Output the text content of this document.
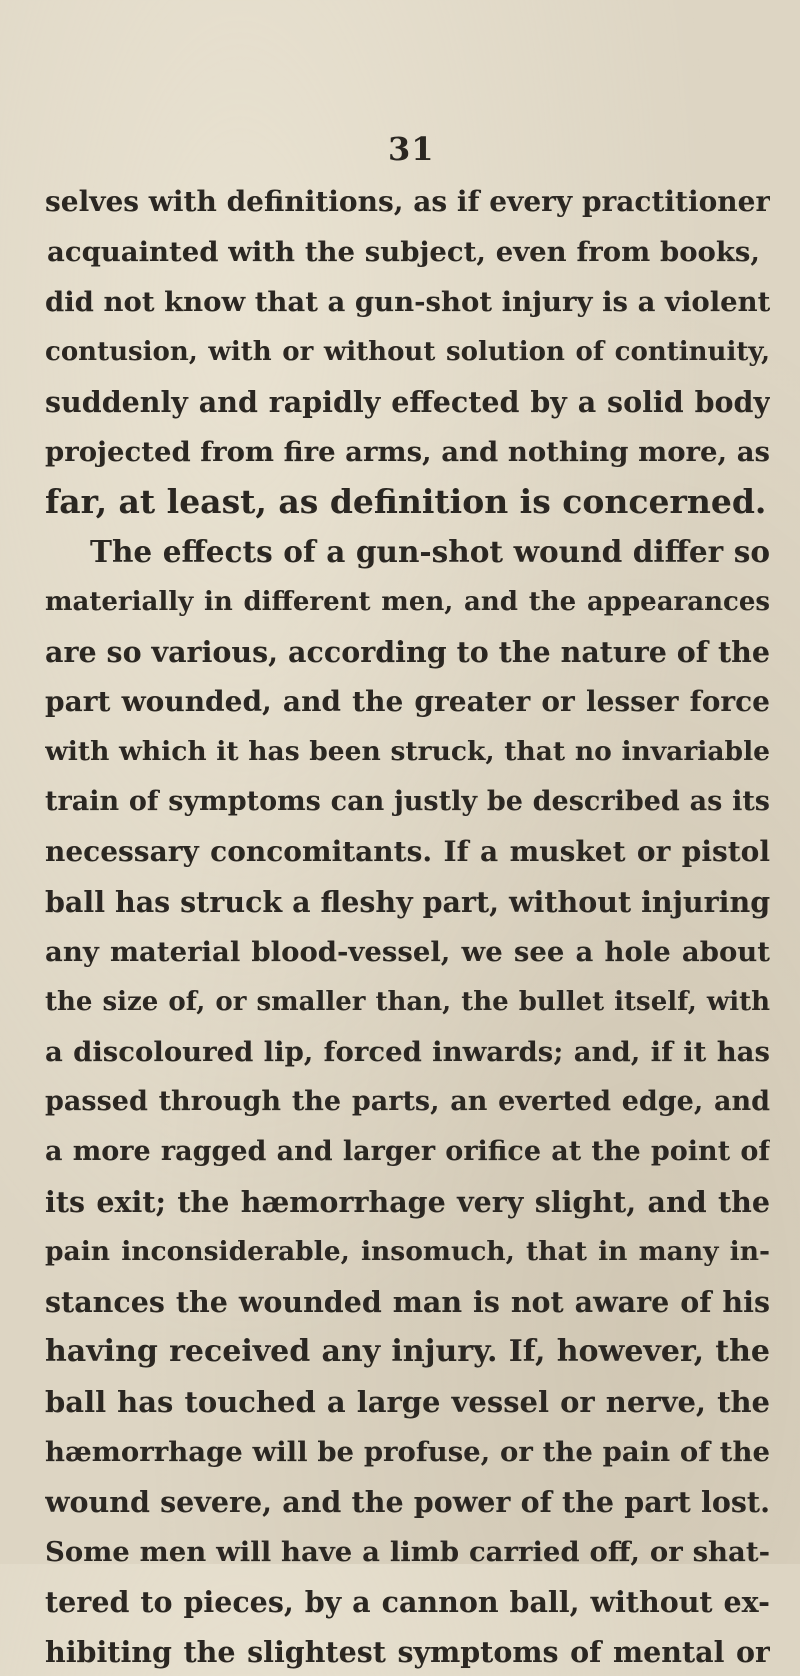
31
selves with definitions, as if every practitioner
acquainted with the subject, even from books,
did not know that a gun-shot injury is a violent
contusion, with or without solution of continuity,
suddenly and rapidly effected by a solid body
projected from fire arms, and nothing more, as
far, at least, as definition is concerned.
The effects of a gun-shot wound differ so
materially in different men, and the appearances
are so various, according to the nature of the
part wounded, and the greater or lesser force
with which it has been struck, that no invariable
train of symptoms can justly be described as its
necessary concomitants. If a musket or pistol
ball has struck a fleshy part, without injuring
any material blood-vessel, we see a hole about
the size of, or smaller than, the bullet itself, with
a discoloured lip, forced inwards; and, if it has
passed through the parts, an everted edge, and
a more ragged and larger orifice at the point of
its exit; the hæmorrhage very slight, and the
pain inconsiderable, insomuch, that in many in-
stances the wounded man is not aware of his
having received any injury. If, however, the
ball has touched a large vessel or nerve, the
hæmorrhage will be profuse, or the pain of the
wound severe, and the power of the part lost.
Some men will have a limb carried off, or shat-
tered to pieces, by a cannon ball, without ex-
hibiting the slightest symptoms of mental or
